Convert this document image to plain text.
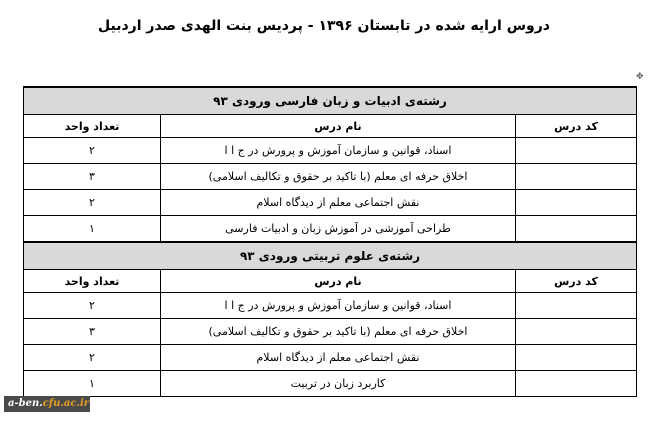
دروس ارایه شده در تابستان ۱۳۹۶ - پردیس بنت الهدی صدر اردبیل
✥
رشته‌ی ادبیات و زبان فارسی ورودی ۹۳		
کد درس	نام درس	تعداد واحد
	اسناد، قوانین و سازمان آموزش و پرورش در ج ا ا	۲
	اخلاق حرفه ای معلم (با تاکید بر حقوق و تکالیف اسلامی)	۳
	نقش اجتماعی معلم از دیدگاه اسلام	۲
	طراحی آموزشی در آموزش زبان و ادبیات فارسی	۱
رشته‌ی علوم تربیتی ورودی ۹۳		
کد درس	نام درس	تعداد واحد
	اسناد، قوانین و سازمان آموزش و پرورش در ج ا ا	۲
	اخلاق حرفه ای معلم (با تاکید بر حقوق و تکالیف اسلامی)	۳
	نقش اجتماعی معلم از دیدگاه اسلام	۲
	کاربرد زبان در تربیت	۱
a-ben.cfu.ac.ir
